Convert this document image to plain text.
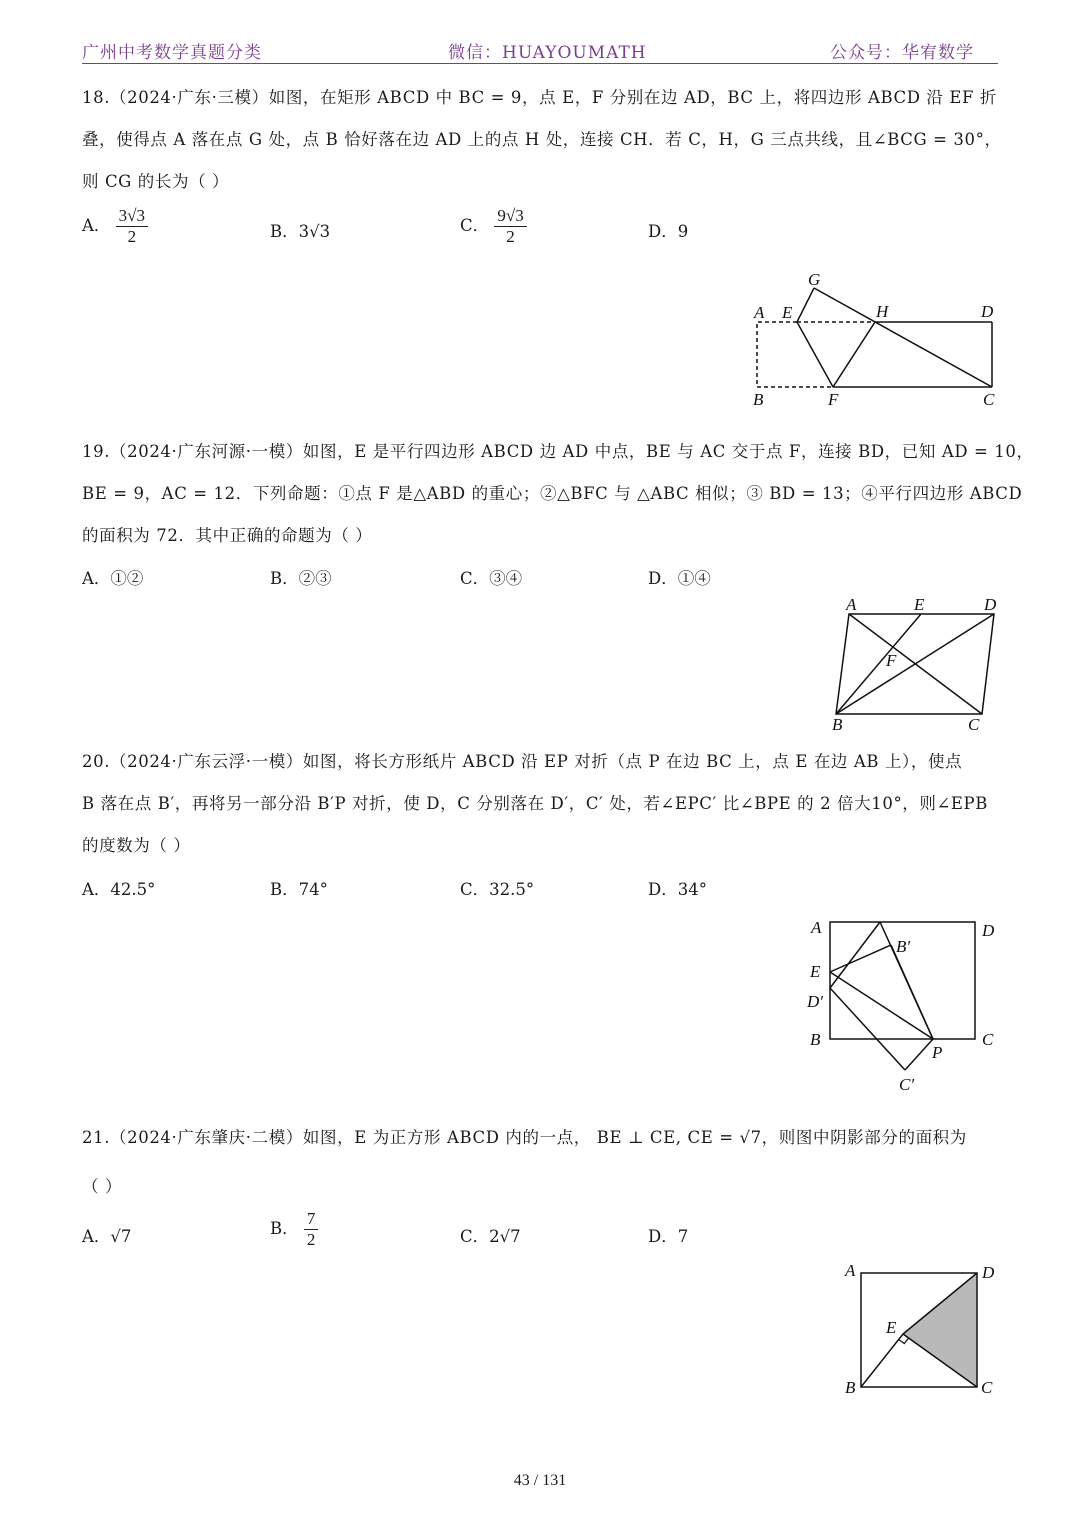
广州中考数学真题分类	微信：HUAYOUMATH	公众号：华宥数学
18.（2024·广东·三模）如图，在矩形 ABCD 中 BC = 9，点 E，F 分别在边 AD，BC 上，将四边形 ABCD 沿 EF 折
叠，使得点 A 落在点 G 处，点 B 恰好落在边 AD 上的点 H 处，连接 CH．若 C，H，G 三点共线，且∠BCG = 30°，
则 CG 的长为（ ）
A． $\frac{3√3}{2}$	B．3√3	C． $\frac{9√3}{2}$	D．9
A E
G
H	D
B	F	C
19.（2024·广东河源·一模）如图，E 是平行四边形 ABCD 边 AD 中点，BE 与 AC 交于点 F，连接 BD，已知 AD = 10，
BE = 9，AC = 12．下列命题：①点 F 是△ABD 的重心；②△BFC 与 △ABC 相似；③ BD = 13；④平行四边形 ABCD
的面积为 72．其中正确的命题为（ ）
A．①②	B．②③	C．③④	D．①④
A	E	D
F
B	C
20.（2024·广东云浮·一模）如图，将长方形纸片 ABCD 沿 EP 对折（点 P 在边 BC 上，点 E 在边 AB 上），使点
B 落在点 B′，再将另一部分沿 B′P 对折，使 D，C 分别落在 D′，C′ 处，若∠EPC′ 比∠BPE 的 2 倍大10°，则∠EPB
的度数为（ ）
A．42.5°	B．74°	C．32.5°	D．34°
A	D
B′
E
D′
B	C
P
C′
21.（2024·广东肇庆·二模）如图，E 为正方形 ABCD 内的一点， BE ⊥ CE, CE = √7，则图中阴影部分的面积为
（ ）
A．√7	B． $\frac{7}{2}$	C．2√7	D．7
A	D
E
B	C
43 / 131
